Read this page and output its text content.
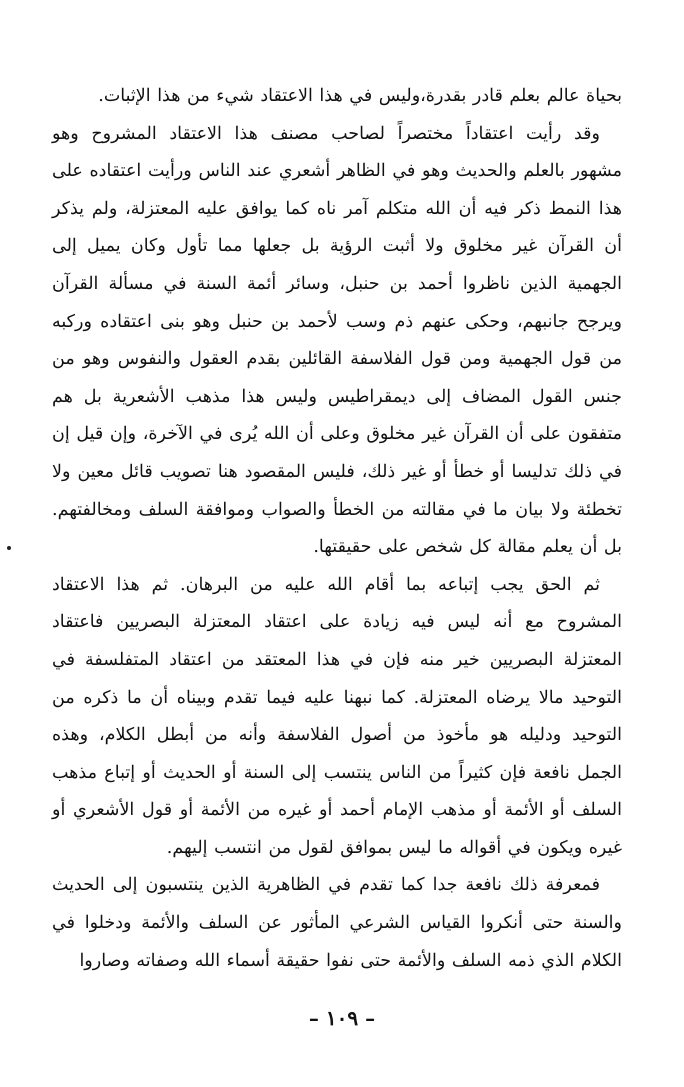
بحياة عالم بعلم قادر بقدرة،وليس في هذا الاعتقاد شيء من هذا الإثبات.

وقد رأيت اعتقاداً مختصراً لصاحب مصنف هذا الاعتقاد المشروح وهو مشهور بالعلم والحديث وهو في الظاهر أشعري عند الناس ورأيت اعتقاده على هذا النمط ذكر فيه أن الله متكلم آمر ناه كما يوافق عليه المعتزلة، ولم يذكر أن القرآن غير مخلوق ولا أثبت الرؤية بل جعلها مما تأول وكان يميل إلى الجهمية الذين ناظروا أحمد بن حنبل، وسائر أئمة السنة في مسألة القرآن ويرجح جانبهم، وحكى عنهم ذم وسب لأحمد بن حنبل وهو بنى اعتقاده وركبه من قول الجهمية ومن قول الفلاسفة القائلين بقدم العقول والنفوس وهو من جنس القول المضاف إلى ديمقراطيس وليس هذا مذهب الأشعرية بل هم متفقون على أن القرآن غير مخلوق وعلى أن الله يُرى في الآخرة، وإن قيل إن في ذلك تدليسا أو خطأ أو غير ذلك، فليس المقصود هنا تصويب قائل معين ولا تخطئة ولا بيان ما في مقالته من الخطأ والصواب وموافقة السلف ومخالفتهم. بل أن يعلم مقالة كل شخص على حقيقتها.

ثم الحق يجب إتباعه بما أقام الله عليه من البرهان. ثم هذا الاعتقاد المشروح مع أنه ليس فيه زيادة على اعتقاد المعتزلة البصريين فاعتقاد المعتزلة البصريين خير منه فإن في هذا المعتقد من اعتقاد المتفلسفة في التوحيد مالا يرضاه المعتزلة. كما نبهنا عليه فيما تقدم وبيناه أن ما ذكره من التوحيد ودليله هو مأخوذ من أصول الفلاسفة وأنه من أبطل الكلام، وهذه الجمل نافعة فإن كثيراً من الناس ينتسب إلى السنة أو الحديث أو إتباع مذهب السلف أو الأئمة أو مذهب الإمام أحمد أو غيره من الأئمة أو قول الأشعري أو غيره ويكون في أقواله ما ليس بموافق لقول من انتسب إليهم.

فمعرفة ذلك نافعة جدا كما تقدم في الظاهرية الذين ينتسبون إلى الحديث والسنة حتى أنكروا القياس الشرعي المأثور عن السلف والأئمة ودخلوا في الكلام الذي ذمه السلف والأئمة حتى نفوا حقيقة أسماء الله وصفاته وصاروا

– ١٠٩ –
